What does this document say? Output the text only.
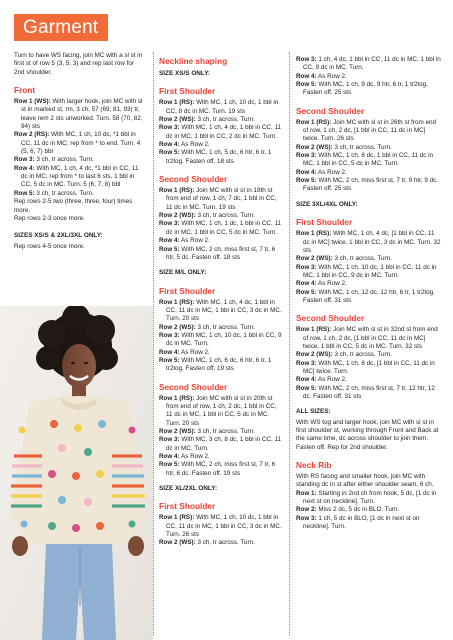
Garment
Turn to have WS facing, join MC with a sl st in first st of row 5 (3, 5, 3) and rep last row for 2nd shoulder.
Front
Row 1 (WS): With larger hook, join MC with sl st in marked st, rm, 3 ch, 57 (69, 81, 93) tr, leave rem 2 sts unworked. Turn. 58 (70, 82, 94) sts
Row 2 (RS): With MC, 1 ch, 10 dc, *1 bbl in CC, 11 dc in MC; rep from * to end. Turn. 4 (5, 6, 7) bbl
Row 3: 3 ch, tr across. Turn.
Row 4: With MC, 1 ch, 4 dc, *1 bbl in CC, 11 dc in MC; rep from * to last 6 sts, 1 bbl in CC, 5 dc in MC. Turn. 5 (6, 7, 8) bbl
Row 5: 3 ch, tr across. Turn.
Rep rows 2-5 two (three, three, four) times more.
Rep rows 2-3 once more.
SIZES XS/S & 2XL/3XL ONLY:
Rep rows 4-5 once more.
Neckline shaping
SIZE XS/S ONLY:
First Shoulder
Row 1 (RS): With MC, 1 ch, 10 dc, 1 bbl in CC, 8 dc in MC. Turn. 19 sts
Row 2 (WS): 3 ch, tr across. Turn.
Row 3: With MC, 1 ch, 4 dc, 1 bbl in CC, 11 dc in MC, 1 bbl in CC, 2 dc in MC. Turn.
Row 4: As Row 2.
Row 5: With MC, 1 ch, 5 dc, 6 htr, 6 tr, 1 tr2tog. Fasten off. 18 sts
Second Shoulder
Row 1 (RS): Join MC with sl st in 19th st from end of row, 1 ch, 7 dc, 1 bbl in CC, 11 dc in MC. Turn. 19 sts
Row 2 (WS): 3 ch, tr across. Turn.
Row 3: With MC, 1 ch, 1 dc, 1 bbl in CC, 11 dc in MC, 1 bbl in CC, 5 dc in MC. Turn.
Row 4: As Row 2.
Row 5: With MC, 2 ch, miss first st, 7 tr, 6 htr, 5 dc. Fasten off. 18 sts
SIZE M/L ONLY:
First Shoulder
Row 1 (RS): With MC, 1 ch, 4 dc, 1 bbl in CC, 11 dc in MC, 1 bbl in CC, 3 dc in MC. Turn. 20 sts
Row 2 (WS): 3 ch, tr across. Turn.
Row 3: With MC, 1 ch, 10 dc, 1 bbl in CC, 9 dc in MC. Turn.
Row 4: As Row 2.
Row 5: With MC, 1 ch, 6 dc, 6 htr, 6 tr, 1 tr2tog. Fasten off. 19 sts
Second Shoulder
Row 1 (RS): Join MC with sl st in 20th st from end of row, 1 ch, 2 dc, 1 bbl in CC, 11 dc in MC, 1 bbl in CC, 5 dc in MC. Turn. 20 sts
Row 2 (WS): 3 ch, tr across. Turn.
Row 3: With MC, 3 ch, 8 dc, 1 bbl in CC, 11 dc in MC. Turn.
Row 4: As Row 2.
Row 5: With MC, 2 ch, miss first st, 7 tr, 6 htr, 6 dc. Fasten off. 19 sts
SIZE XL/2XL ONLY:
First Shoulder
Row 1 (RS): With MC, 1 ch, 10 dc, 1 bbl in CC, 11 dc in MC, 1 bbl in CC, 3 dc in MC. Turn. 26 sts
Row 2 (WS): 3 ch, tr across. Turn.
Row 3: 1 ch, 4 dc, 1 bbl in CC, 11 dc in MC, 1 bbl in CC, 9 dc in MC. Turn.
Row 4: As Row 2.
Row 5: With MC, 1 ch, 9 dc, 9 htr, 6 tr, 1 tr2tog. Fasten off. 25 sts
Second Shoulder
Row 1 (RS): Join MC with sl st in 26th st from end of row, 1 ch, 2 dc, [1 bbl in CC, 11 dc in MC] twice. Turn. 26 sts
Row 2 (WS): 3 ch, tr across. Turn.
Row 3: With MC, 1 ch, 8 dc, 1 bbl in CC, 11 dc in MC, 1 bbl in CC, 5 dc in MC. Turn.
Row 4: As Row 2.
Row 5: With MC, 2 ch, miss first st, 7 tr, 9 htr, 9 dc. Fasten off. 25 sts
SIZE 3XL/4XL ONLY:
First Shoulder
Row 1 (RS): With MC, 1 ch, 4 dc, [1 bbl in CC, 11 dc in MC] twice, 1 bbl in CC, 3 dc in MC. Turn. 32 sts
Row 2 (WS): 3 ch, tr across. Turn.
Row 3: With MC, 1 ch, 10 dc, 1 bbl in CC, 11 dc in MC, 1 bbl in CC, 9 dc in MC. Turn.
Row 4: As Row 2.
Row 5: With MC, 1 ch, 12 dc, 12 htr, 6 tr, 1 tr2tog. Fasten off. 31 sts
Second Shoulder
Row 1 (RS): Join MC with sl st in 32nd st from end of row, 1 ch, 2 dc, [1 bbl in CC, 11 dc in MC] twice, 1 bbl in CC, 5 dc in MC. Turn. 32 sts
Row 2 (WS): 3 ch, tr across. Turn.
Row 3: With MC, 1 ch, 8 dc, [1 bbl in CC, 11 dc in MC] twice. Turn.
Row 4: As Row 2.
Row 5: With MC, 2 ch, miss first st, 7 tr, 12 htr, 12 dc. Fasten off. 31 sts
ALL SIZES:
With WS tog and larger hook, join MC with sl st in first shoulder st, working through Front and Back at the same time, dc across shoulder to join them. Fasten off. Rep for 2nd shoulder.
Neck Rib
With RS facing and smaller hook, join MC with standing dc in st after either shoulder seam, 6 ch.
Row 1: Starting in 2nd ch from hook, 5 dc, [1 dc in next st on neckline]. Turn.
Row 2: Miss 2 dc, 5 dc in BLO. Turn.
Row 3: 1 ch, 5 dc in BLO, [1 dc in next st on neckline]. Turn.
